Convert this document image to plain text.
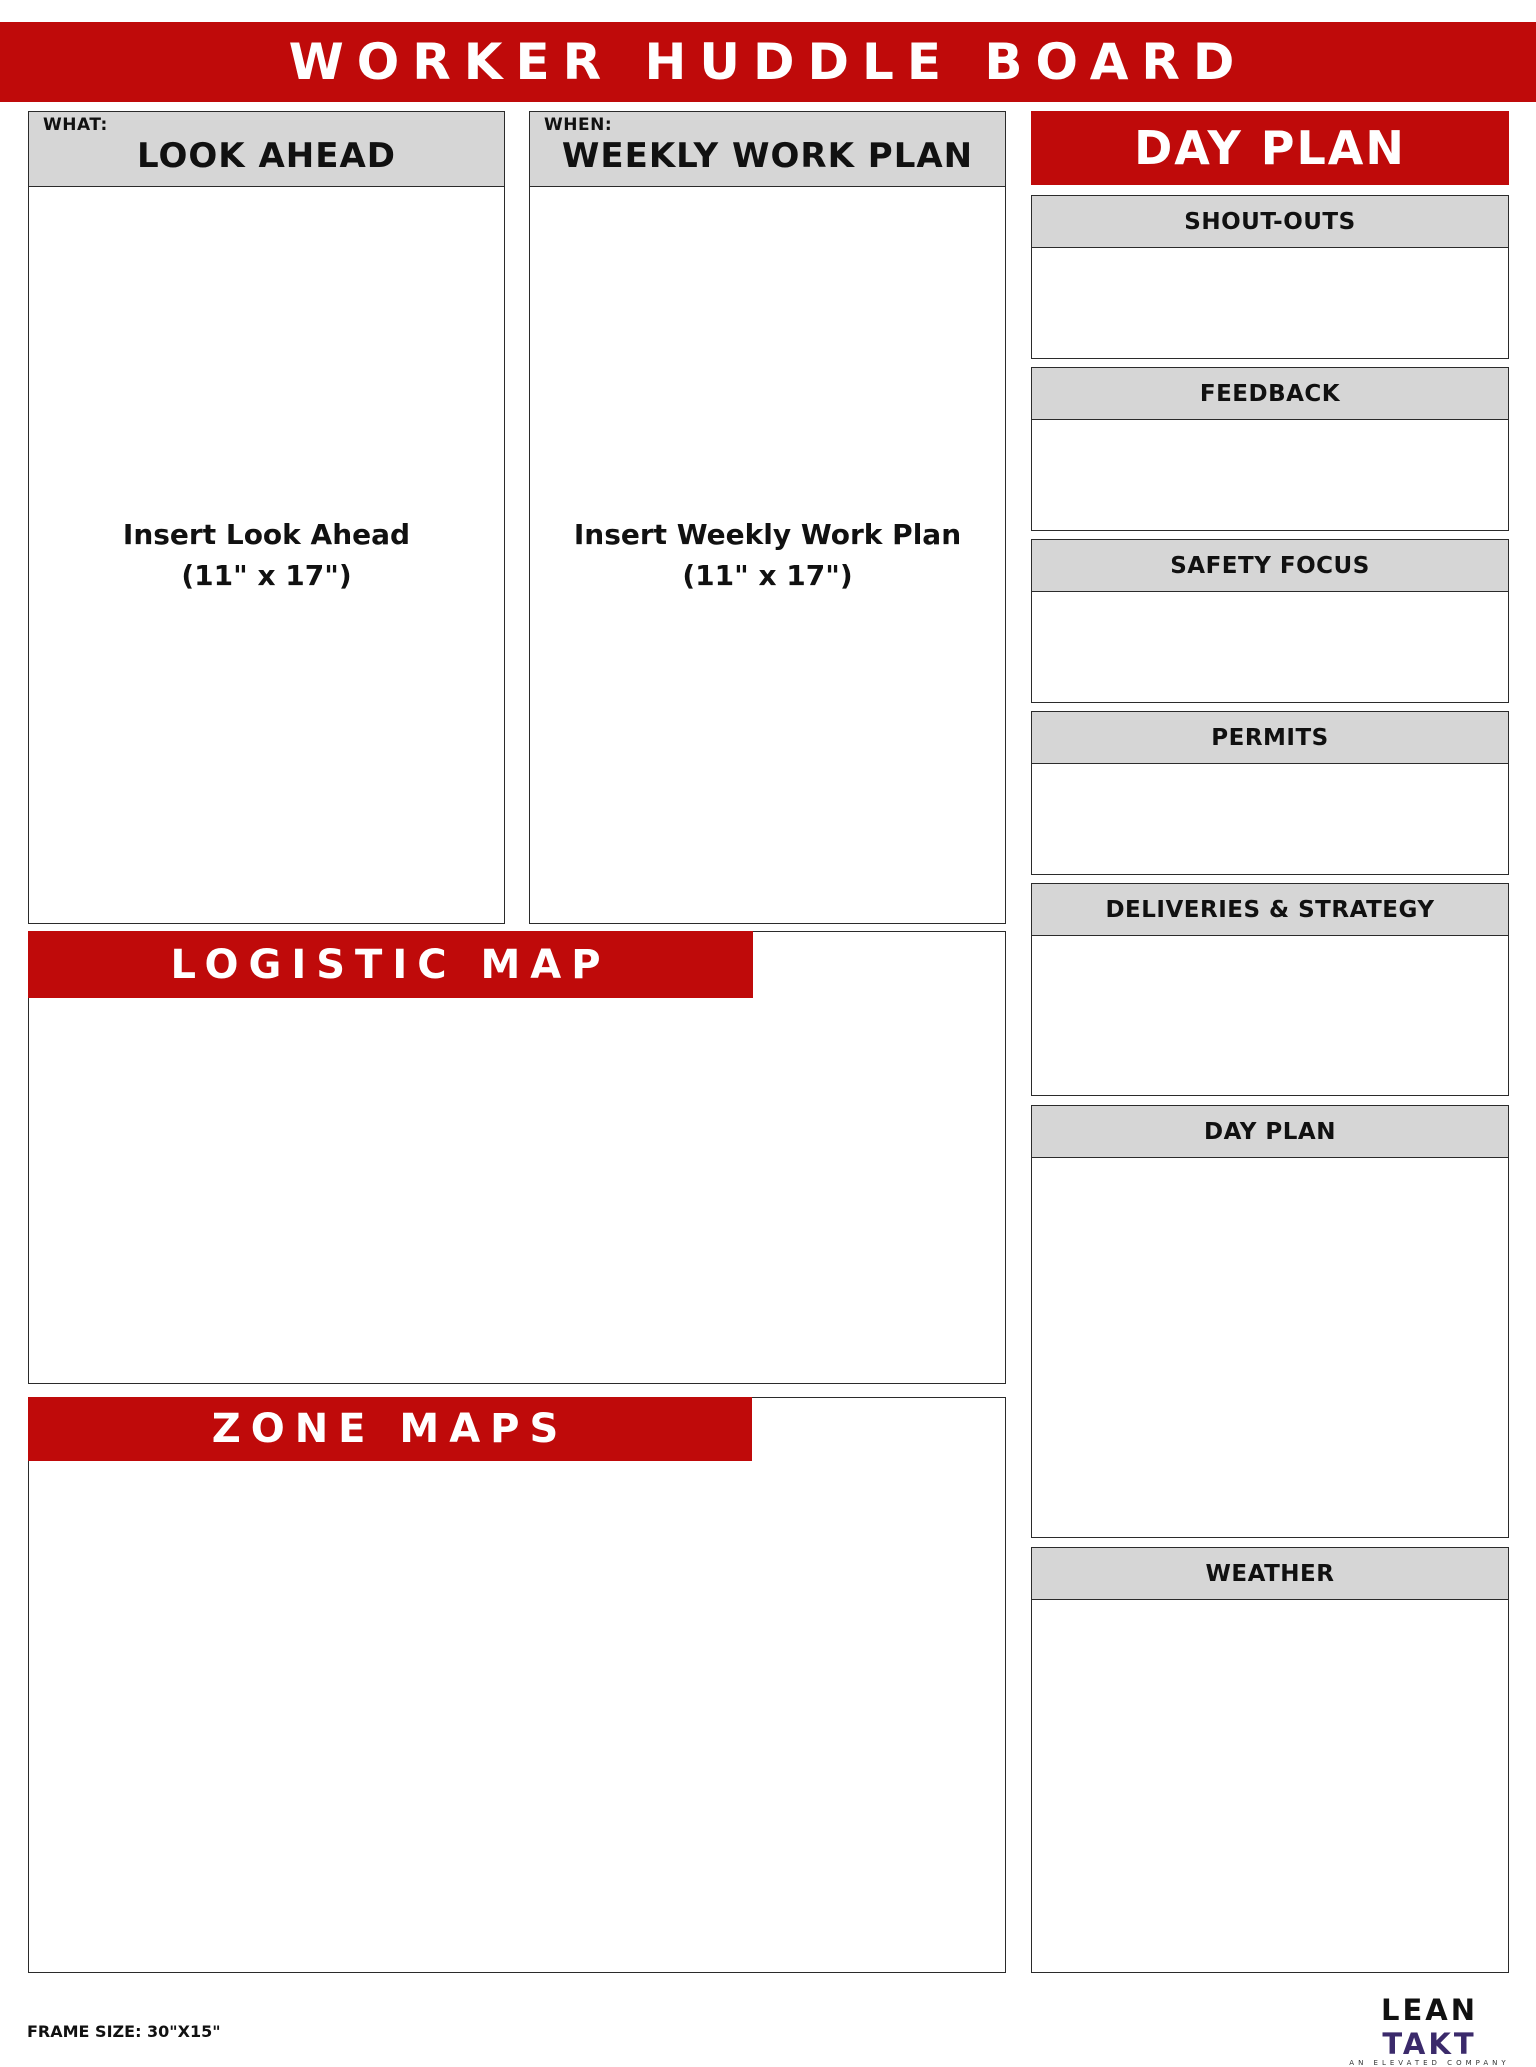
WORKER HUDDLE BOARD
WHAT:
LOOK AHEAD
Insert Look Ahead
(11" x 17")
WHEN:
WEEKLY WORK PLAN
Insert Weekly Work Plan
(11" x 17")
LOGISTIC MAP
ZONE MAPS
DAY PLAN
SHOUT-OUTS
FEEDBACK
SAFETY FOCUS
PERMITS
DELIVERIES & STRATEGY
DAY PLAN
WEATHER
FRAME SIZE: 30"X15"
LEAN TAKT
AN ELEVATED COMPANY
